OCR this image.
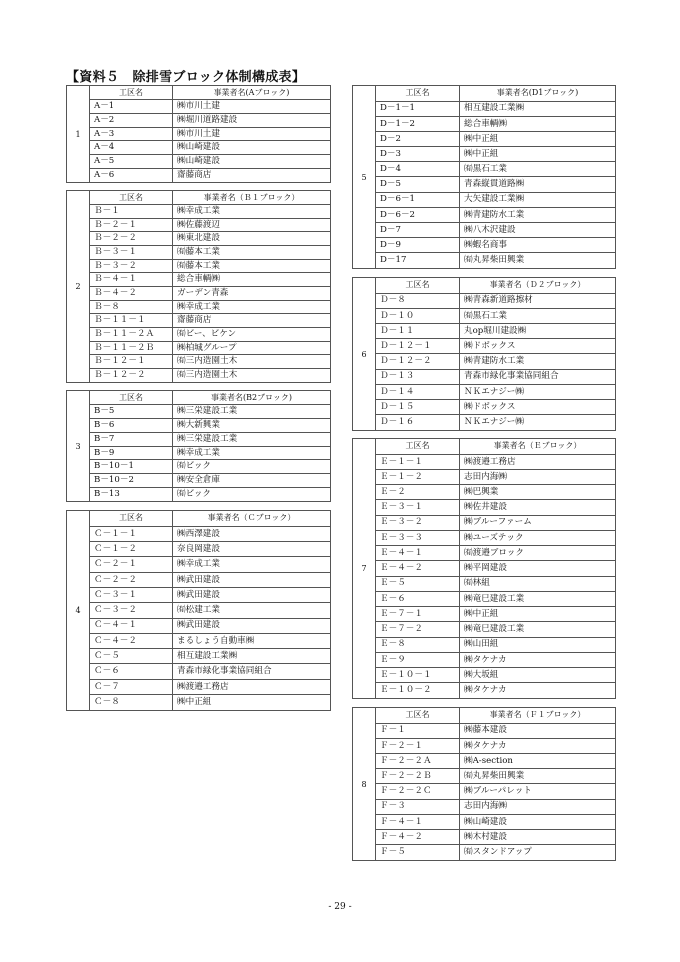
【資料５　除排雪ブロック体制構成表】
1
工区名	事業者名(Aブロック)
A－1	㈱市川土建
A－2	㈱堀川道路建設
A－3	㈱市川土建
A－4	㈱山崎建設
A－5	㈱山崎建設
A－6	齋藤商店
2
工区名	事業者名（Ｂ１ブロック）
Ｂ－１	㈱幸成工業
Ｂ－２－１	㈱佐藤渡辺
Ｂ－２－２	㈱東北建設
Ｂ－３－１	㈲藤本工業
Ｂ－３－２	㈲藤本工業
Ｂ－４－１	総合車輌㈱
Ｂ－４－２	ガーデン青森
Ｂ－８	㈱幸成工業
Ｂ－１１－１	齋藤商店
Ｂ－１１－２Ａ	㈲ビー、ビケン
Ｂ－１１－２Ｂ	㈱柏城グループ
Ｂ－１２－１	㈲三内造園土木
Ｂ－１２－２	㈲三内造園土木
3
工区名	事業者名(B2ブロック)
B－5	㈱三栄建設工業
B－6	㈱大新興業
B－7	㈱三栄建設工業
B－9	㈱幸成工業
B－10－1	㈲ビック
B－10－2	㈱安全倉庫
B－13	㈲ビック
4
工区名	事業者名（Ｃブロック）
Ｃ－１－１	㈱西澤建設
Ｃ－１－２	奈良岡建設
Ｃ－２－１	㈱幸成工業
Ｃ－２－２	㈱武田建設
Ｃ－３－１	㈱武田建設
Ｃ－３－２	㈲松建工業
Ｃ－４－１	㈱武田建設
Ｃ－４－２	まるしょう自動車㈱
Ｃ－５	相互建設工業㈱
Ｃ－６	青森市緑化事業協同組合
Ｃ－７	㈱渡邉工務店
Ｃ－８	㈱中正組
5
工区名	事業者名(D1ブロック)
D－1－1	相互建設工業㈱
D－1－2	総合車輌㈱
D－2	㈱中正組
D－3	㈱中正組
D－4	㈲黒石工業
D－5	青森縦貫道路㈱
D－6－1	大矢建設工業㈱
D－6－2	㈱青建防水工業
D－7	㈱八木沢建設
D－9	㈱蝦名商事
D－17	㈲丸昇柴田興業
6
工区名	事業者名（Ｄ２ブロック）
Ｄ－８	㈱青森新道路擦材
Ｄ－１０	㈲黒石工業
Ｄ－１１	丸op堀川建設㈱
Ｄ－１２－１	㈱ドボックス
Ｄ－１２－２	㈱青建防水工業
Ｄ－１３	青森市緑化事業協同組合
Ｄ－１４	ＮＫエナジー㈱
Ｄ－１５	㈱ドボックス
Ｄ－１６	ＮＫエナジー㈱
7
工区名	事業者名（Ｅブロック）
Ｅ－１－１	㈱渡邉工務店
Ｅ－１－２	志田内海㈱
Ｅ－２	㈱巴興業
Ｅ－３－１	㈱佐井建設
Ｅ－３－２	㈱ブルーファーム
Ｅ－３－３	㈱ユーズテック
Ｅ－４－１	㈲渡邉ブロック
Ｅ－４－２	㈱平岡建設
Ｅ－５	㈲林組
Ｅ－６	㈱竜巳建設工業
Ｅ－７－１	㈱中正組
Ｅ－７－２	㈱竜巳建設工業
Ｅ－８	㈱山田組
Ｅ－９	㈱タケナカ
Ｅ－１０－１	㈱大坂組
Ｅ－１０－２	㈱タケナカ
8
工区名	事業者名（Ｆ１ブロック）
Ｆ－１	㈱藤本建設
Ｆ－２－１	㈱タケナカ
Ｆ－２－２Ａ	㈱A-section
Ｆ－２－２Ｂ	㈲丸昇柴田興業
Ｆ－２－２Ｃ	㈱ブルーパレット
Ｆ－３	志田内海㈱
Ｆ－４－１	㈱山崎建設
Ｆ－４－２	㈱木村建設
Ｆ－５	㈲スタンドアップ
- 29 -
